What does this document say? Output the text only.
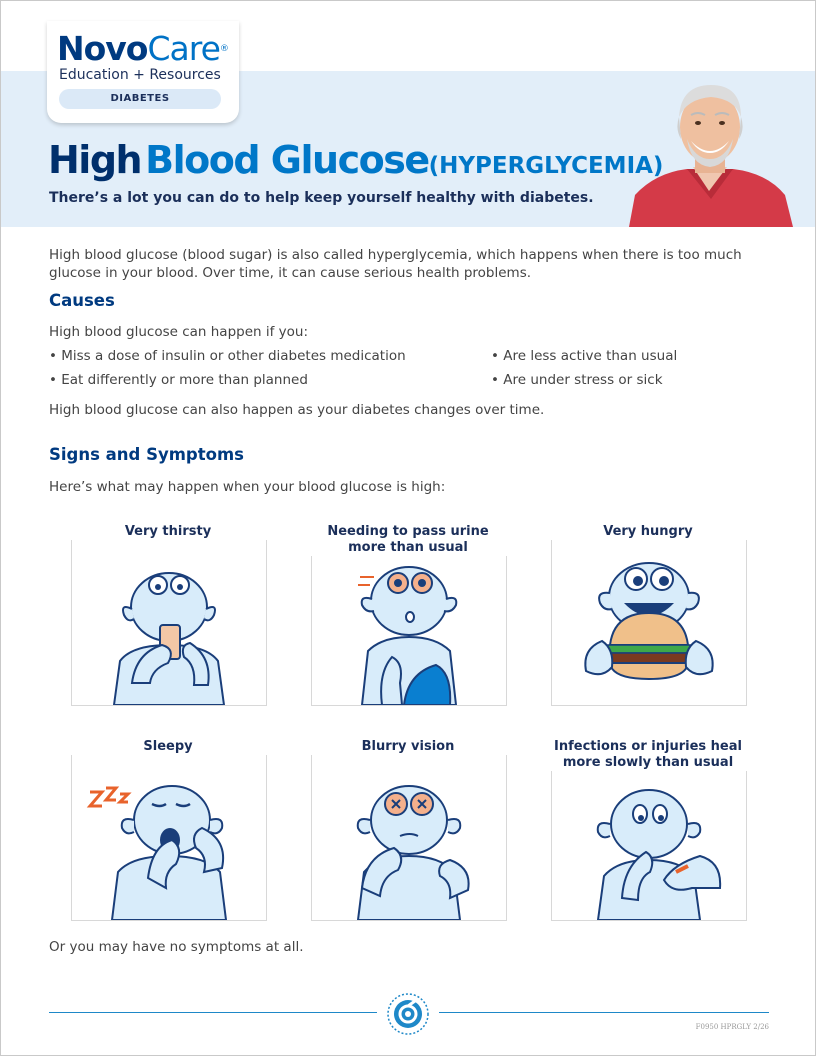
NovoCare®
Education + Resources
DIABETES
High Blood Glucose(HYPERGLYCEMIA)
There’s a lot you can do to help keep yourself healthy with diabetes.
High blood glucose (blood sugar) is also called hyperglycemia, which happens when there is too much glucose in your blood. Over time, it can cause serious health problems.
Causes
High blood glucose can happen if you:
• Miss a dose of insulin or other diabetes medication
• Eat differently or more than planned
• Are less active than usual
• Are under stress or sick
High blood glucose can also happen as your diabetes changes over time.
Signs and Symptoms
Here’s what may happen when your blood glucose is high:
Very thirsty	Needing to pass urine
more than usual
Very hungry
Sleepy	Blurry vision	Infections or injuries heal
more slowly than usual
Or you may have no symptoms at all.
F0950 HPRGLY 2/26
